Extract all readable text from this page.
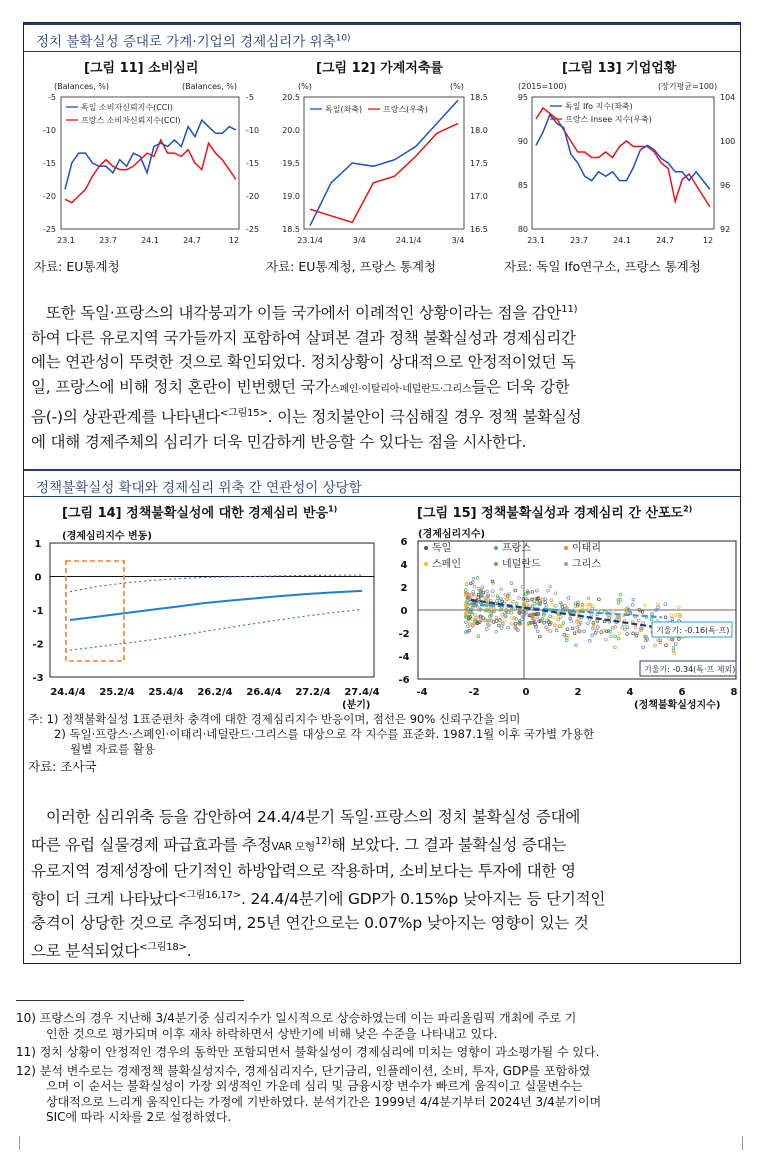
정치 불확실성 증대로 가계·기업의 경제심리가 위축$^{10)}$
[그림 11] 소비심리	[그림 12] 가계저축률	[그림 13] 기업업황
(Balances, %)	(Balances, %)
-5
-10
-15
-20
-25
-5
-10
-15
-20
-25
23.1	23.7	24.1	24.7	12
독일 소비자신뢰지수(CCI)
프랑스 소비자신뢰지수(CCI)
(%)	(%)
20.5
20.0
19.5
19.0
18.5
18.5
18.0
17.5
17.0
16.5
23.1/4	3/4	24.1/4	3/4
독일(좌축)	프랑스(우축)
(2015=100)	(장기평균=100)
95
90
85
80
104
100
96
92
23.1	23.7	24.1	24.7	12
독일 Ifo 지수(좌축)
프랑스 Insee 지수(우축)
자료: EU통계청	자료: EU통계청, 프랑스 통계청	자료: 독일 Ifo연구소, 프랑스 통계청
정책불확실성 확대와 경제심리 위축 간 연관성이 상당함
[그림 14] 정책불확실성에 대한 경제심리 반응$^{1)}$	[그림 15] 정책불확실성과 경제심리 간 산포도$^{2)}$
(경제심리지수 변동)
1
0
-1
-2
-3
24.4/4 25.2/4 25.4/4 26.2/4 26.4/4 27.2/4 27.4/4
(분기)
(경제심리지수)
6
4
2
0
-2
-4
-6
-4	-2	0	2	4	6	8
독일	프랑스	이태리
스페인	네덜란드	그리스
기울기: -0.16(독·프)
기울기: -0.34(독·프 제외)
(정책불확실성지수)
주: 1) 정책불확실성 1표준편차 충격에 대한 경제심리지수 반응이며, 점선은 90% 신뢰구간을 의미
2) 독일·프랑스·스페인·이태리·네덜란드·그리스를 대상으로 각 지수를 표준화. 1987.1월 이후 국가별 가용한
월별 자료를 활용
자료: 조사국
또한 독일·프랑스의 내각붕괴가 이들 국가에서 이례적인 상황이라는 점을 감안$^{11)}$
하여 다른 유로지역 국가들까지 포함하여 살펴본 결과 정책 불확실성과 경제심리간
에는 연관성이 뚜렷한 것으로 확인되었다. 정치상황이 상대적으로 안정적이었던 독
일, 프랑스에 비해 정치 혼란이 빈번했던 국가스페인·이탈리아·네덜란드·그리스들은 더욱 강한
음(-)의 상관관계를 나타낸다$^{<그림15>}$. 이는 정치불안이 극심해질 경우 정책 불확실성
에 대해 경제주체의 심리가 더욱 민감하게 반응할 수 있다는 점을 시사한다.
이러한 심리위축 등을 감안하여 24.4/4분기 독일·프랑스의 정치 불확실성 증대에
따른 유럽 실물경제 파급효과를 추정VAR 모형$^{12)}$해 보았다. 그 결과 불확실성 증대는
유로지역 경제성장에 단기적인 하방압력으로 작용하며, 소비보다는 투자에 대한 영
향이 더 크게 나타났다$^{<그림16,17>}$. 24.4/4분기에 GDP가 0.15%p 낮아지는 등 단기적인
충격이 상당한 것으로 추정되며, 25년 연간으로는 0.07%p 낮아지는 영향이 있는 것
으로 분석되었다$^{<그림18>}$.
10) 프랑스의 경우 지난해 3/4분기중 심리지수가 일시적으로 상승하였는데 이는 파리올림픽 개최에 주로 기
인한 것으로 평가되며 이후 재차 하락하면서 상반기에 비해 낮은 수준을 나타내고 있다.
11) 정치 상황이 안정적인 경우의 동학만 포함되면서 불확실성이 경제심리에 미치는 영향이 과소평가될 수 있다.
12) 분석 변수로는 경제정책 불확실성지수, 경제심리지수, 단기금리, 인플레이션, 소비, 투자, GDP를 포함하였
으며 이 순서는 불확실성이 가장 외생적인 가운데 심리 및 금융시장 변수가 빠르게 움직이고 실물변수는
상대적으로 느리게 움직인다는 가정에 기반하였다. 분석기간은 1999년 4/4분기부터 2024년 3/4분기이며
SIC에 따라 시차를 2로 설정하였다.
